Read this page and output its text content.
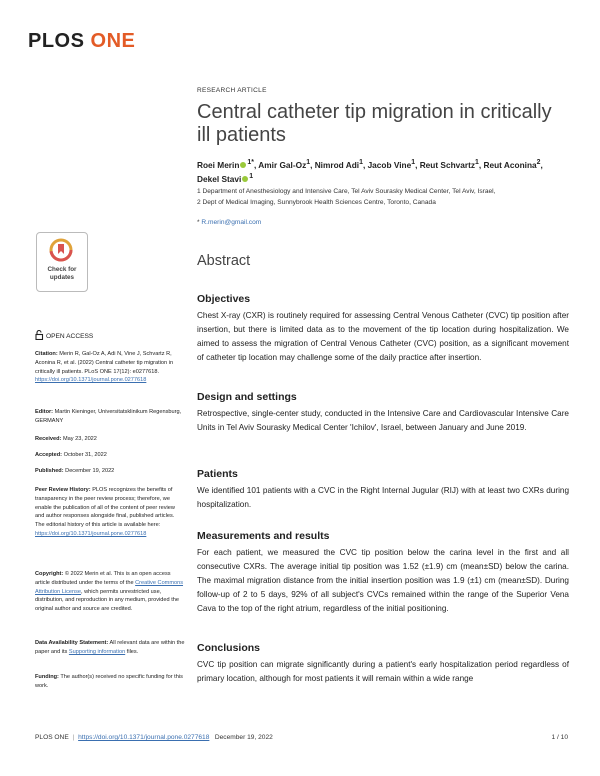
PLOS ONE
RESEARCH ARTICLE
Central catheter tip migration in critically ill patients
Roei Merin $^{1*}$, Amir Gal-Oz$^1$, Nimrod Adi$^1$, Jacob Vine$^1$, Reut Schvartz$^1$, Reut Aconina$^2$,
Dekel Stavi $^1$
1 Department of Anesthesiology and Intensive Care, Tel Aviv Sourasky Medical Center, Tel Aviv, Israel,
2 Dept of Medical Imaging, Sunnybrook Health Sciences Centre, Toronto, Canada
* R.merin@gmail.com
Abstract
Objectives
Chest X-ray (CXR) is routinely required for assessing Central Venous Catheter (CVC) tip position after insertion, but there is limited data as to the movement of the tip location during hospitalization. We aimed to assess the migration of Central Venous Catheter (CVC) position, as a significant movement of catheter tip location may challenge some of the daily practice after insertion.
Design and settings
Retrospective, single-center study, conducted in the Intensive Care and Cardiovascular Intensive Care Units in Tel Aviv Sourasky Medical Center 'Ichilov', Israel, between January and June 2019.
Patients
We identified 101 patients with a CVC in the Right Internal Jugular (RIJ) with at least two CXRs during hospitalization.
Measurements and results
For each patient, we measured the CVC tip position below the carina level in the first and all consecutive CXRs. The average initial tip position was 1.52 (±1.9) cm (mean±SD) below the carina. The maximal migration distance from the initial insertion position was 1.9 (±1) cm (mean±SD). During follow-up of 2 to 5 days, 92% of all subject's CVCs remained within the range of the Superior Vena Cava to the top of the right atrium, regardless of the initial positioning.
Conclusions
CVC tip position can migrate significantly during a patient's early hospitalization period regardless of primary location, although for most patients it will remain within a wide range
Check for
updates
OPEN ACCESS
Citation: Merin R, Gal-Oz A, Adi N, Vine J, Schvartz R, Aconina R, et al. (2022) Central catheter tip migration in critically ill patients. PLoS ONE 17(12): e0277618. https://doi.org/10.1371/journal.pone.0277618
Editor: Martin Kieninger, Universitatsklinikum Regensburg, GERMANY
Received: May 23, 2022
Accepted: October 31, 2022
Published: December 19, 2022
Peer Review History: PLOS recognizes the benefits of transparency in the peer review process; therefore, we enable the publication of all of the content of peer review and author responses alongside final, published articles. The editorial history of this article is available here: https://doi.org/10.1371/journal.pone.0277618
Copyright: © 2022 Merin et al. This is an open access article distributed under the terms of the Creative Commons Attribution License, which permits unrestricted use, distribution, and reproduction in any medium, provided the original author and source are credited.
Data Availability Statement: All relevant data are within the paper and its Supporting information files.
Funding: The author(s) received no specific funding for this work.
PLOS ONE | https://doi.org/10.1371/journal.pone.0277618 December 19, 2022	1 / 10
